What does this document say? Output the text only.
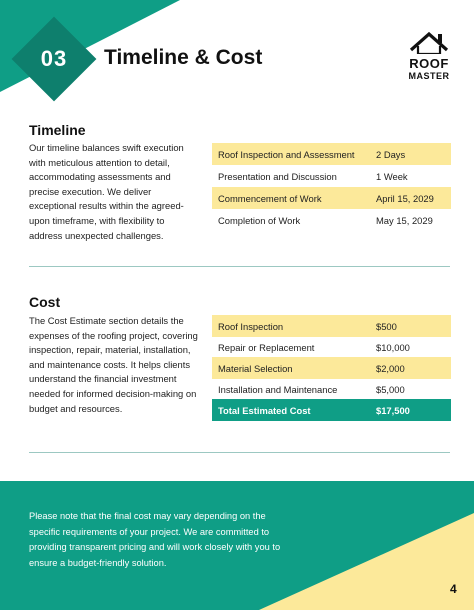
03	Timeline & Cost	ROOF
MASTER
Timeline
Our timeline balances swift execution with meticulous attention to detail, accommodating assessments and precise execution. We deliver exceptional results within the agreed-upon timeframe, with flexibility to address unexpected challenges.
Roof Inspection and Assessment	2 Days
Presentation and Discussion	1 Week
Commencement of Work	April 15, 2029
Completion of Work	May 15, 2029
Cost
The Cost Estimate section details the expenses of the roofing project, covering inspection, repair, material, installation, and maintenance costs. It helps clients understand the financial investment needed for informed decision-making on budget and resources.
Roof Inspection	$500
Repair or Replacement	$10,000
Material Selection	$2,000
Installation and Maintenance	$5,000
Total Estimated Cost	$17,500
Please note that the final cost may vary depending on the specific requirements of your project. We are committed to providing transparent pricing and will work closely with you to ensure a budget-friendly solution.
4
